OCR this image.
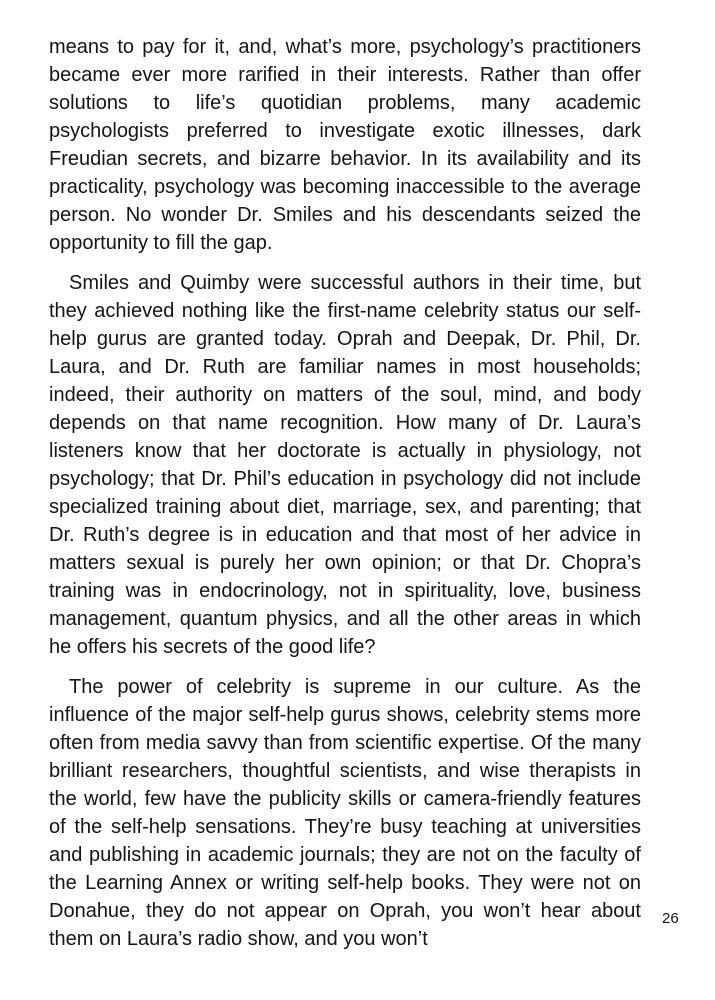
means to pay for it, and, what’s more, psychology’s practitioners became ever more rarified in their interests. Rather than offer solutions to life’s quotidian problems, many academic psychologists preferred to investigate exotic illnesses, dark Freudian secrets, and bizarre behavior. In its availability and its practicality, psychology was becoming inaccessible to the average person. No wonder Dr. Smiles and his descendants seized the opportunity to fill the gap.

Smiles and Quimby were successful authors in their time, but they achieved nothing like the first-name celebrity status our self-help gurus are granted today. Oprah and Deepak, Dr. Phil, Dr. Laura, and Dr. Ruth are familiar names in most households; indeed, their authority on matters of the soul, mind, and body depends on that name recognition. How many of Dr. Laura’s listeners know that her doctorate is actually in physiology, not psychology; that Dr. Phil’s education in psychology did not include specialized training about diet, marriage, sex, and parenting; that Dr. Ruth’s degree is in education and that most of her advice in matters sexual is purely her own opinion; or that Dr. Chopra’s training was in endocrinology, not in spirituality, love, business management, quantum physics, and all the other areas in which he offers his secrets of the good life?

The power of celebrity is supreme in our culture. As the influence of the major self-help gurus shows, celebrity stems more often from media savvy than from scientific expertise. Of the many brilliant researchers, thoughtful scientists, and wise therapists in the world, few have the publicity skills or camera-friendly features of the self-help sensations. They’re busy teaching at universities and publishing in academic journals; they are not on the faculty of the Learning Annex or writing self-help books. They were not on Donahue, they do not appear on Oprah, you won’t hear about them on Laura’s radio show, and you won’t

26
